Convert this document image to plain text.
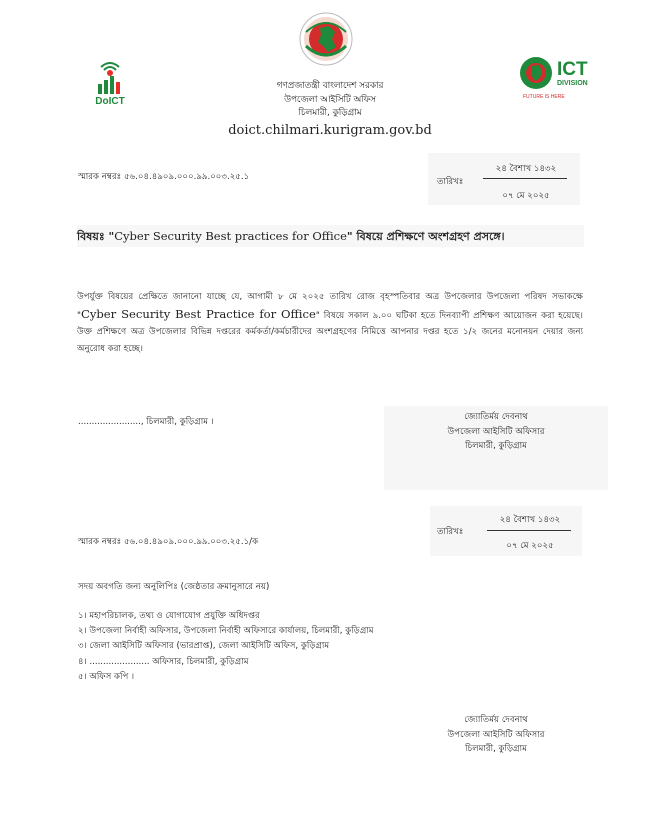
DoICT
ICT
DIVISION
FUTURE IS HERE
গণপ্রজাতন্ত্রী বাংলাদেশ সরকার
উপজেলা আইসিটি অফিস
চিলমারী, কুড়িগ্রাম
doict.chilmari.kurigram.gov.bd
স্মারক নম্বরঃ ৫৬.০৪.৪৯০৯.০০০.৯৯.০০৩.২৫.১	তারিখঃ
২৪ বৈশাখ ১৪৩২
০৭ মে ২০২৫
বিষয়ঃ "Cyber Security Best practices for Office" বিষয়ে প্রশিক্ষণে অংশগ্রহণ প্রসঙ্গে।
উপর্যুক্ত বিষয়ের প্রেক্ষিতে জানানো যাচ্ছে যে, আগামী ৮ মে ২০২৫ তারিখ রোজ বৃহস্পতিবার অত্র উপজেলার উপজেলা পরিষদ সভাকক্ষে "Cyber Security Best Practice for Office" বিষয়ে সকাল ৯.০০ ঘটিকা হতে দিনব্যাপী প্রশিক্ষণ আয়োজন করা হয়েছে। উক্ত প্রশিক্ষণে অত্র উপজেলার বিভিন্ন দপ্তরের কর্মকর্তা/কর্মচারীদের অংশগ্রহণের নিমিত্তে আপনার দপ্তর হতে ১/২ জনের মনোনয়ন দেয়ার জন্য অনুরোধ করা হচ্ছে।
......................., চিলমারী, কুড়িগ্রাম ।	জ্যোতির্ময় দেবনাথ
উপজেলা আইসিটি অফিসার
চিলমারী, কুড়িগ্রাম
স্মারক নম্বরঃ ৫৬.০৪.৪৯০৯.০০০.৯৯.০০৩.২৫.১/ক
তারিখঃ
২৪ বৈশাখ ১৪৩২
০৭ মে ২০২৫
সদয় অবগতি জন্য অনুলিপিঃ (জেষ্ঠতার ক্রমানুসারে নয়)
১। মহাপরিচালক, তথ্য ও যোগাযোগ প্রযুক্তি অধিদপ্তর
২। উপজেলা নির্বাহী অফিসার, উপজেলা নির্বাহী অফিসারে কার্যালয়, চিলমারী, কুড়িগ্রাম
৩। জেলা আইসিটি অফিসার (ভারপ্রাপ্ত), জেলা আইসিটি অফিস, কুড়িগ্রাম
৪। ...................... অফিসার, চিলমারী, কুড়িগ্রাম
৫। অফিস কপি ।
জ্যোতির্ময় দেবনাথ
উপজেলা আইসিটি অফিসার
চিলমারী, কুড়িগ্রাম
